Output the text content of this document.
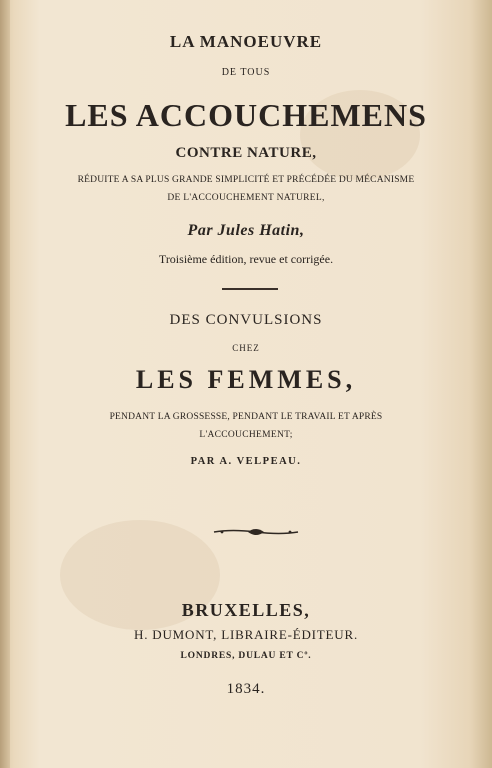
LA MANOEUVRE
DE TOUS
LES ACCOUCHEMENS
CONTRE NATURE,
RÉDUITE A SA PLUS GRANDE SIMPLICITÉ ET PRÉCÉDÉE DU MÉCANISME
DE L'ACCOUCHEMENT NATUREL,
Par Jules Hatin,
Troisième édition, revue et corrigée.
DES CONVULSIONS
CHEZ
LES FEMMES,
PENDANT LA GROSSESSE, PENDANT LE TRAVAIL ET APRÈS
L'ACCOUCHEMENT;
PAR A. VELPEAU.
BRUXELLES,
H. DUMONT, LIBRAIRE-ÉDITEUR.
LONDRES, DULAU ET Cº.
1834.
